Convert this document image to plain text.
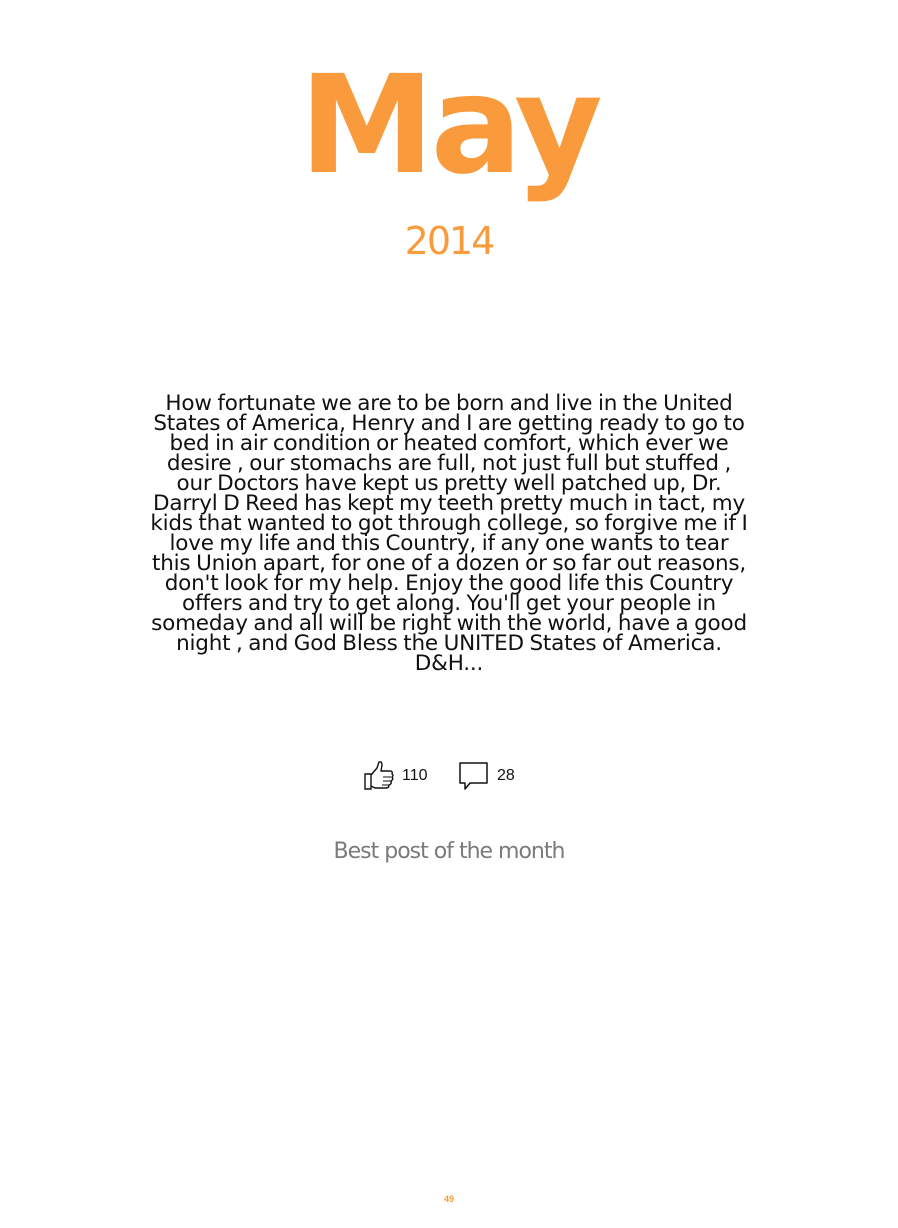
May
2014
How fortunate we are to be born and live in the United States of America, Henry and I are getting ready to go to bed in air condition or heated comfort, which ever we desire , our stomachs are full, not just full but stuffed , our Doctors have kept us pretty well patched up, Dr. Darryl D Reed has kept my teeth pretty much in tact, my kids that wanted to got through college, so forgive me if I love my life and this Country, if any one wants to tear this Union apart, for one of a dozen or so far out reasons, don't look for my help. Enjoy the good life this Country offers and try to get along. You'll get your people in someday and all will be right with the world, have a good night , and God Bless the UNITED States of America. D&H...
110	28
Best post of the month
49
